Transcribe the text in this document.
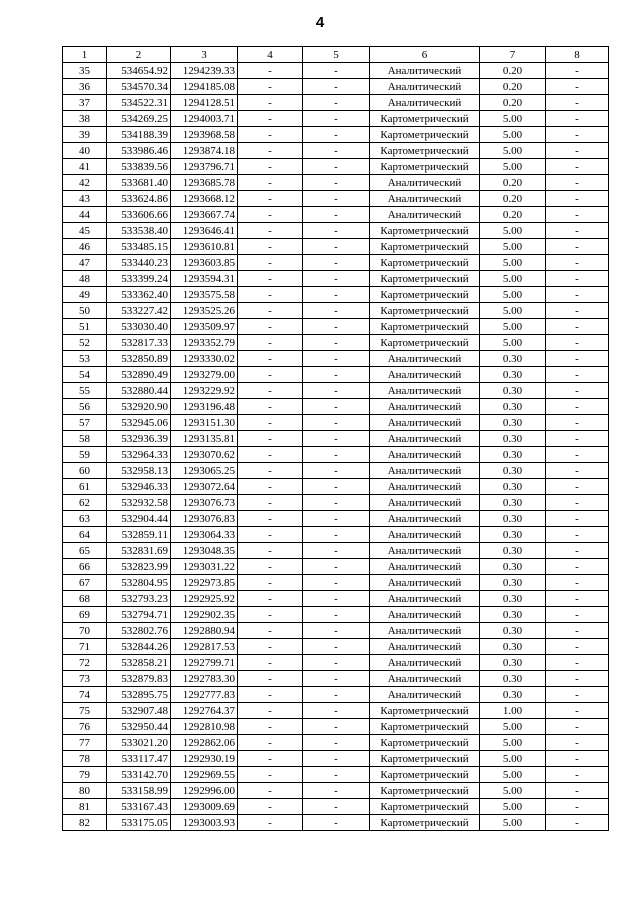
4
1	2	3	4	5	6	7	8
35	534654.92	1294239.33	-	-	Аналитический	0.20	-
36	534570.34	1294185.08	-	-	Аналитический	0.20	-
37	534522.31	1294128.51	-	-	Аналитический	0.20	-
38	534269.25	1294003.71	-	-	Картометрический	5.00	-
39	534188.39	1293968.58	-	-	Картометрический	5.00	-
40	533986.46	1293874.18	-	-	Картометрический	5.00	-
41	533839.56	1293796.71	-	-	Картометрический	5.00	-
42	533681.40	1293685.78	-	-	Аналитический	0.20	-
43	533624.86	1293668.12	-	-	Аналитический	0.20	-
44	533606.66	1293667.74	-	-	Аналитический	0.20	-
45	533538.40	1293646.41	-	-	Картометрический	5.00	-
46	533485.15	1293610.81	-	-	Картометрический	5.00	-
47	533440.23	1293603.85	-	-	Картометрический	5.00	-
48	533399.24	1293594.31	-	-	Картометрический	5.00	-
49	533362.40	1293575.58	-	-	Картометрический	5.00	-
50	533227.42	1293525.26	-	-	Картометрический	5.00	-
51	533030.40	1293509.97	-	-	Картометрический	5.00	-
52	532817.33	1293352.79	-	-	Картометрический	5.00	-
53	532850.89	1293330.02	-	-	Аналитический	0.30	-
54	532890.49	1293279.00	-	-	Аналитический	0.30	-
55	532880.44	1293229.92	-	-	Аналитический	0.30	-
56	532920.90	1293196.48	-	-	Аналитический	0.30	-
57	532945.06	1293151.30	-	-	Аналитический	0.30	-
58	532936.39	1293135.81	-	-	Аналитический	0.30	-
59	532964.33	1293070.62	-	-	Аналитический	0.30	-
60	532958.13	1293065.25	-	-	Аналитический	0.30	-
61	532946.33	1293072.64	-	-	Аналитический	0.30	-
62	532932.58	1293076.73	-	-	Аналитический	0.30	-
63	532904.44	1293076.83	-	-	Аналитический	0.30	-
64	532859.11	1293064.33	-	-	Аналитический	0.30	-
65	532831.69	1293048.35	-	-	Аналитический	0.30	-
66	532823.99	1293031.22	-	-	Аналитический	0.30	-
67	532804.95	1292973.85	-	-	Аналитический	0.30	-
68	532793.23	1292925.92	-	-	Аналитический	0.30	-
69	532794.71	1292902.35	-	-	Аналитический	0.30	-
70	532802.76	1292880.94	-	-	Аналитический	0.30	-
71	532844.26	1292817.53	-	-	Аналитический	0.30	-
72	532858.21	1292799.71	-	-	Аналитический	0.30	-
73	532879.83	1292783.30	-	-	Аналитический	0.30	-
74	532895.75	1292777.83	-	-	Аналитический	0.30	-
75	532907.48	1292764.37	-	-	Картометрический	1.00	-
76	532950.44	1292810.98	-	-	Картометрический	5.00	-
77	533021.20	1292862.06	-	-	Картометрический	5.00	-
78	533117.47	1292930.19	-	-	Картометрический	5.00	-
79	533142.70	1292969.55	-	-	Картометрический	5.00	-
80	533158.99	1292996.00	-	-	Картометрический	5.00	-
81	533167.43	1293009.69	-	-	Картометрический	5.00	-
82	533175.05	1293003.93	-	-	Картометрический	5.00	-
